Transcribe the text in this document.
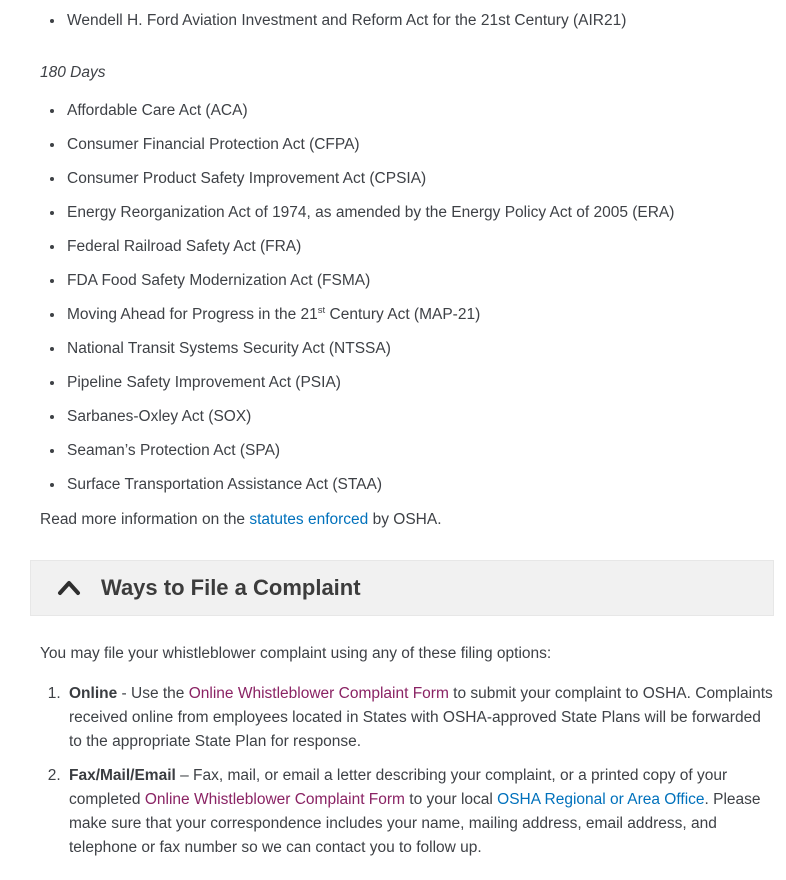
• Wendell H. Ford Aviation Investment and Reform Act for the 21st Century (AIR21)

180 Days

• Affordable Care Act (ACA)
• Consumer Financial Protection Act (CFPA)
• Consumer Product Safety Improvement Act (CPSIA)
• Energy Reorganization Act of 1974, as amended by the Energy Policy Act of 2005 (ERA)
• Federal Railroad Safety Act (FRA)
• FDA Food Safety Modernization Act (FSMA)
• Moving Ahead for Progress in the 21st Century Act (MAP-21)
• National Transit Systems Security Act (NTSSA)
• Pipeline Safety Improvement Act (PSIA)
• Sarbanes-Oxley Act (SOX)
• Seaman’s Protection Act (SPA)
• Surface Transportation Assistance Act (STAA)

Read more information on the statutes enforced by OSHA.

Ways to File a Complaint

You may file your whistleblower complaint using any of these filing options:

1. Online - Use the Online Whistleblower Complaint Form to submit your complaint to OSHA. Complaints received online from employees located in States with OSHA-approved State Plans will be forwarded to the appropriate State Plan for response.
2. Fax/Mail/Email – Fax, mail, or email a letter describing your complaint, or a printed copy of your completed Online Whistleblower Complaint Form to your local OSHA Regional or Area Office. Please make sure that your correspondence includes your name, mailing address, email address, and telephone or fax number so we can contact you to follow up.
